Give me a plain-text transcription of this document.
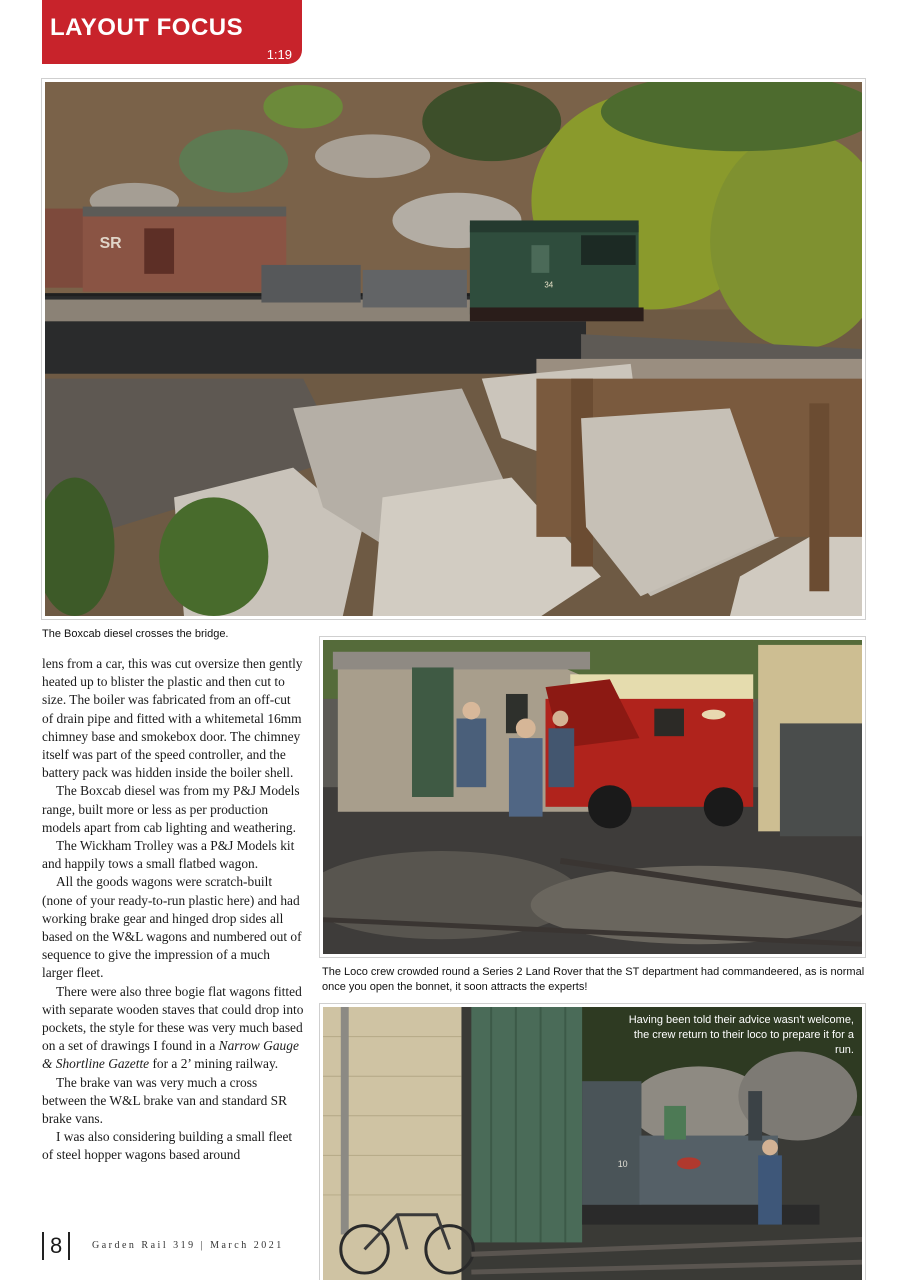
LAYOUT FOCUS
1:19
SR
34
The Boxcab diesel crosses the bridge.

lens from a car, this was cut oversize then gently heated up to blister the plastic and then cut to size. The boiler was fabricated from an off-cut of drain pipe and fitted with a whitemetal 16mm chimney base and smokebox door. The chimney itself was part of the speed controller, and the battery pack was hidden inside the boiler shell.

The Boxcab diesel was from my P&J Models range, built more or less as per production models apart from cab lighting and weathering.

The Wickham Trolley was a P&J Models kit and happily tows a small flatbed wagon.

All the goods wagons were scratch-built (none of your ready-to-run plastic here) and had working brake gear and hinged drop sides all based on the W&L wagons and numbered out of sequence to give the impression of a much larger fleet.

There were also three bogie flat wagons fitted with separate wooden staves that could drop into pockets, the style for these was very much based on a set of drawings I found in a Narrow Gauge & Shortline Gazette for a 2’ mining railway.

The brake van was very much a cross between the W&L brake van and standard SR brake vans.

I was also considering building a small fleet of steel hopper wagons based around

The Loco crew crowded round a Series 2 Land Rover that the ST department had commandeered, as is normal once you open the bonnet, it soon attracts the experts!
10
Having been told their advice wasn't welcome, the crew return to their loco to prepare it for a run.
8	Garden Rail 319 | March 2021
